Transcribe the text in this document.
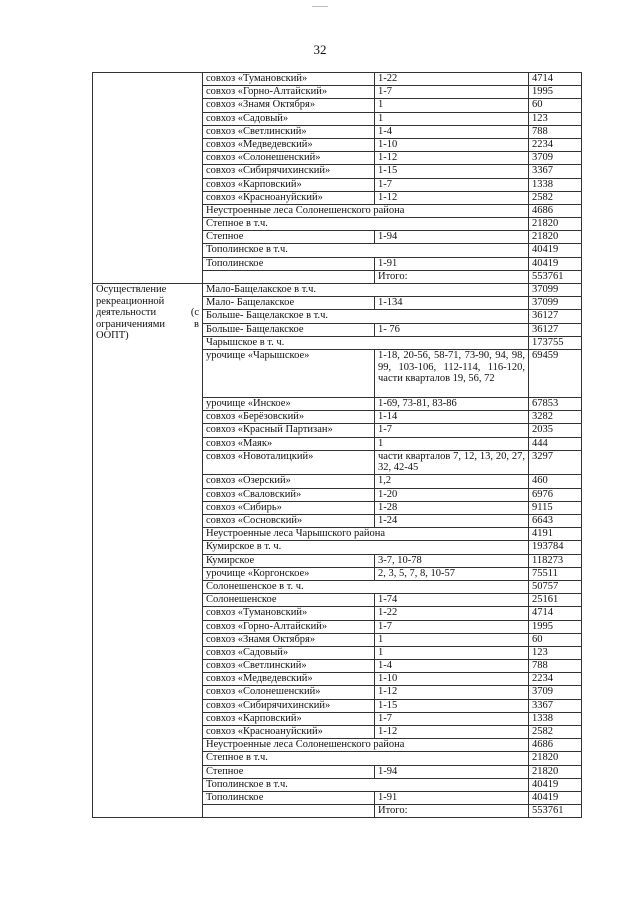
32
	совхоз «Тумановский»	1-22	4714
	совхоз «Горно-Алтайский»	1-7	1995
	совхоз «Знамя Октября»	1	60
	совхоз «Садовый»	1	123
	совхоз «Светлинский»	1-4	788
	совхоз «Медведевский»	1-10	2234
	совхоз «Солонешенский»	1-12	3709
	совхоз «Сибирячихинский»	1-15	3367
	совхоз «Карповский»	1-7	1338
	совхоз «Красноануйский»	1-12	2582
	Неустроенные леса Солонешенского района		4686
	Степное в т.ч.		21820
	Степное	1-94	21820
	Тополинское в т.ч.		40419
	Тополинское	1-91	40419
		Итого:	553761
Осуществление рекреационной деятельности (с ограничениями в ООПТ)	Мало-Бащелакское в т.ч.		37099
	Мало- Бащелакское	1-134	37099
	Больше- Бащелакское в т.ч.		36127
	Больше- Бащелакское	1- 76	36127
	Чарышское в т. ч.		173755
	урочище «Чарышское»	1-18, 20-56, 58-71, 73-90, 94, 98, 99, 103-106, 112-114, 116-120, части кварталов 19, 56, 72	69459
	урочище «Инское»	1-69, 73-81, 83-86	67853
	совхоз «Берёзовский»	1-14	3282
	совхоз «Красный Партизан»	1-7	2035
	совхоз «Маяк»	1	444
	совхоз «Новоталицкий»	части кварталов 7, 12, 13, 20, 27, 32, 42-45	3297
	совхоз «Озерский»	1,2	460
	совхоз «Сваловский»	1-20	6976
	совхоз «Сибирь»	1-28	9115
	совхоз «Сосновский»	1-24	6643
	Неустроенные леса Чарышского района		4191
	Кумирское в т. ч.		193784
	Кумирское	3-7, 10-78	118273
	урочище «Коргонское»	2, 3, 5, 7, 8, 10-57	75511
	Солонешенское в т. ч.		50757
	Солонешенское	1-74	25161
	совхоз «Тумановский»	1-22	4714
	совхоз «Горно-Алтайский»	1-7	1995
	совхоз «Знамя Октября»	1	60
	совхоз «Садовый»	1	123
	совхоз «Светлинский»	1-4	788
	совхоз «Медведевский»	1-10	2234
	совхоз «Солонешенский»	1-12	3709
	совхоз «Сибирячихинский»	1-15	3367
	совхоз «Карповский»	1-7	1338
	совхоз «Красноануйский»	1-12	2582
	Неустроенные леса Солонешенского района		4686
	Степное в т.ч.		21820
	Степное	1-94	21820
	Тополинское в т.ч.		40419
	Тополинское	1-91	40419
		Итого:	553761
